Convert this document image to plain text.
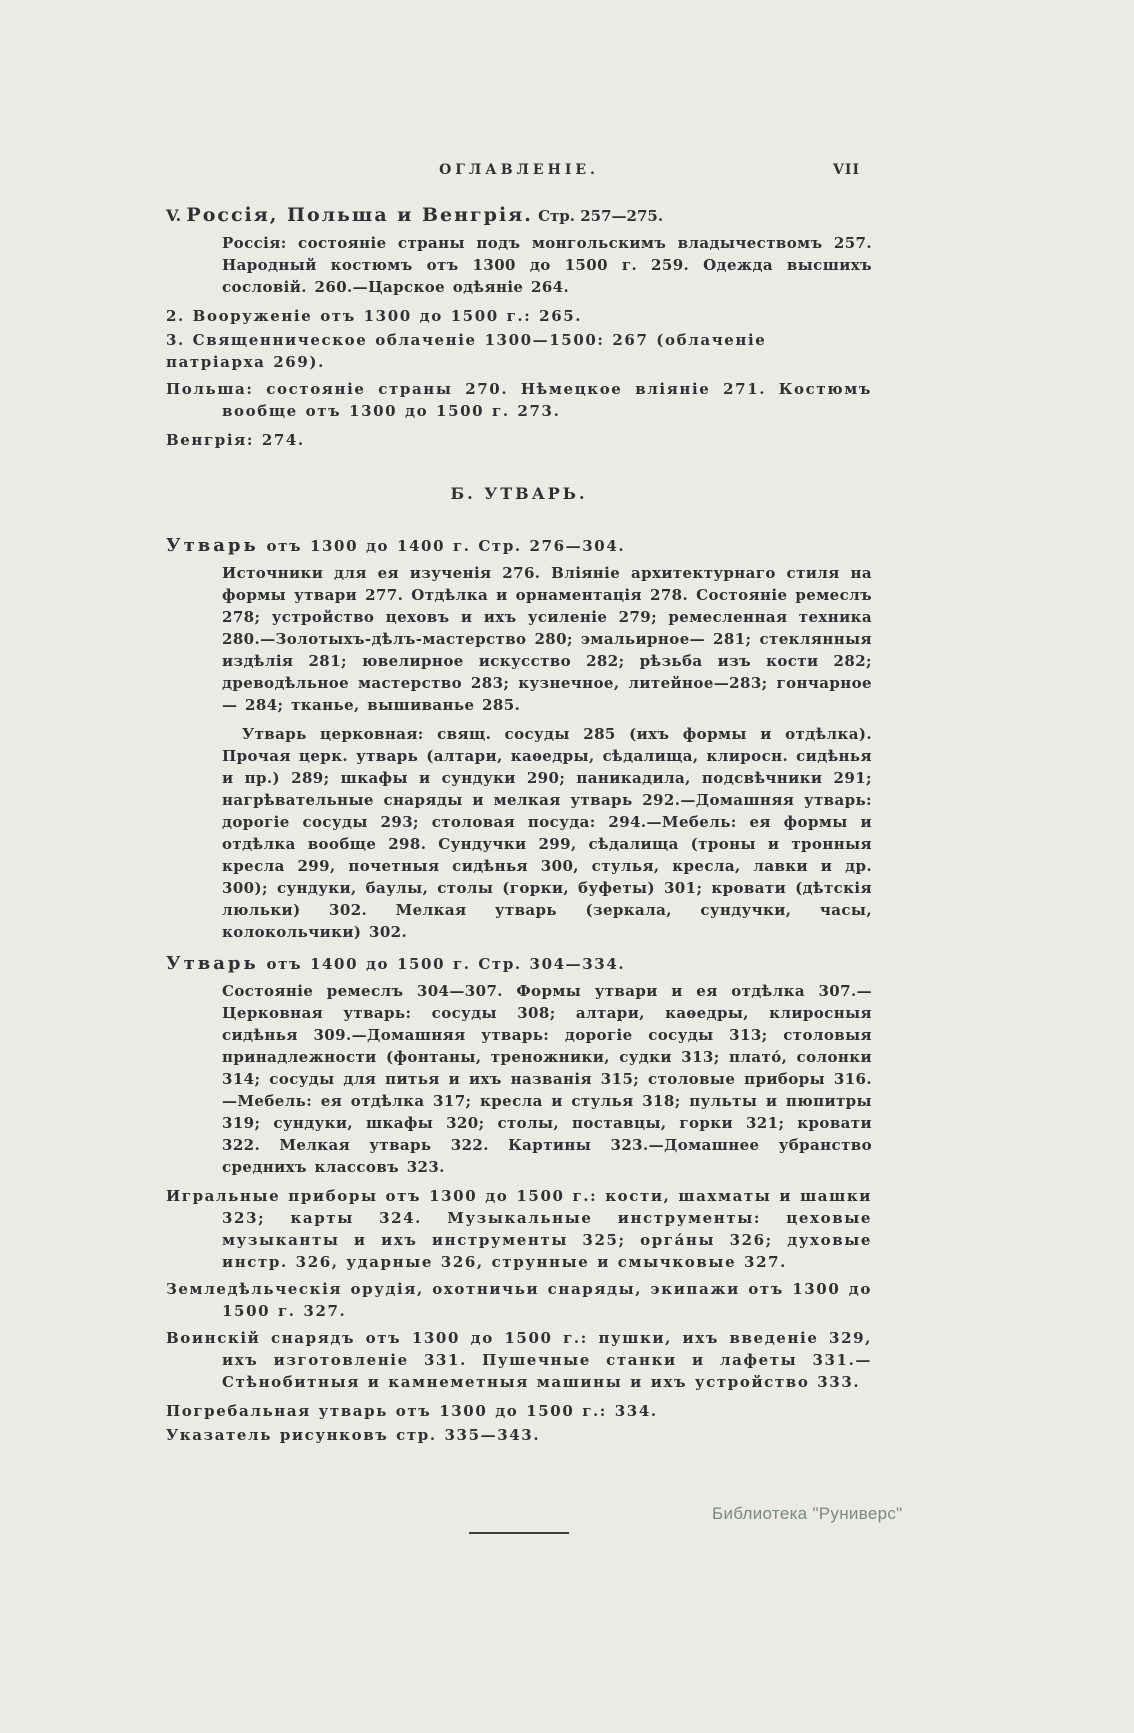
ОГЛАВЛЕНІЕ.	VII

V. Россія, Польша и Венгрія. Стр. 257—275.

Россія: состояніе страны подъ монгольскимъ владычествомъ 257. Народный костюмъ отъ 1300 до 1500 г. 259. Одежда высшихъ сословій. 260.—Царское одѣяніе 264.

2. Вооруженіе отъ 1300 до 1500 г.: 265.

3. Священническое облаченіе 1300—1500: 267 (облаченіе патріарха 269).

Польша: состояніе страны 270. Нѣмецкое вліяніе 271. Костюмъ вообще отъ 1300 до 1500 г. 273.

Венгрія: 274.

Б. УТВАРЬ.

Утварь отъ 1300 до 1400 г. Стр. 276—304.

Источники для ея изученія 276. Вліяніе архитектурнаго стиля на формы утвари 277. Отдѣлка и орнаментація 278. Состояніе ремеслъ 278; устройство цеховъ и ихъ усиленіе 279; ремесленная техника 280.—Золотыхъ-дѣлъ-мастерство 280; эмальирное— 281; стеклянныя издѣлія 281; ювелирное искусство 282; рѣзьба изъ кости 282; древодѣльное мастерство 283; кузнечное, литейное—283; гончарное— 284; тканье, вышиванье 285.

Утварь церковная: свящ. сосуды 285 (ихъ формы и отдѣлка). Прочая церк. утварь (алтари, каѳедры, сѣдалища, клиросн. сидѣнья и пр.) 289; шкафы и сундуки 290; паникадила, подсвѣчники 291; нагрѣвательные снаряды и мелкая утварь 292.—Домашняя утварь: дорогіе сосуды 293; столовая посуда: 294.—Мебель: ея формы и отдѣлка вообще 298. Сундучки 299, сѣдалища (троны и тронныя кресла 299, почетныя сидѣнья 300, стулья, кресла, лавки и др. 300); сундуки, баулы, столы (горки, буфеты) 301; кровати (дѣтскія люльки) 302. Мелкая утварь (зеркала, сундучки, часы, колокольчики) 302.

Утварь отъ 1400 до 1500 г. Стр. 304—334.

Состояніе ремеслъ 304—307. Формы утвари и ея отдѣлка 307.—Церковная утварь: сосуды 308; алтари, каѳедры, клиросныя сидѣнья 309.—Домашняя утварь: дорогіе сосуды 313; столовыя принадлежности (фонтаны, треножники, судки 313; плато́, солонки 314; сосуды для питья и ихъ названія 315; столовые приборы 316.—Мебель: ея отдѣлка 317; кресла и стулья 318; пульты и пюпитры 319; сундуки, шкафы 320; столы, поставцы, горки 321; кровати 322. Мелкая утварь 322. Картины 323.—Домашнее убранство среднихъ классовъ 323.

Игральные приборы отъ 1300 до 1500 г.: кости, шахматы и шашки 323; карты 324. Музыкальные инструменты: цеховые музыканты и ихъ инструменты 325; орга́ны 326; духовые инстр. 326, ударные 326, струнные и смычковые 327.

Земледѣльческія орудія, охотничьи снаряды, экипажи отъ 1300 до 1500 г. 327.

Воинскій снарядъ отъ 1300 до 1500 г.: пушки, ихъ введеніе 329, ихъ изготовленіе 331. Пушечные станки и лафеты 331.—Стѣнобитныя и камнеметныя машины и ихъ устройство 333.

Погребальная утварь отъ 1300 до 1500 г.: 334.

Указатель рисунковъ стр. 335—343.

Библиотека "Руниверс"
